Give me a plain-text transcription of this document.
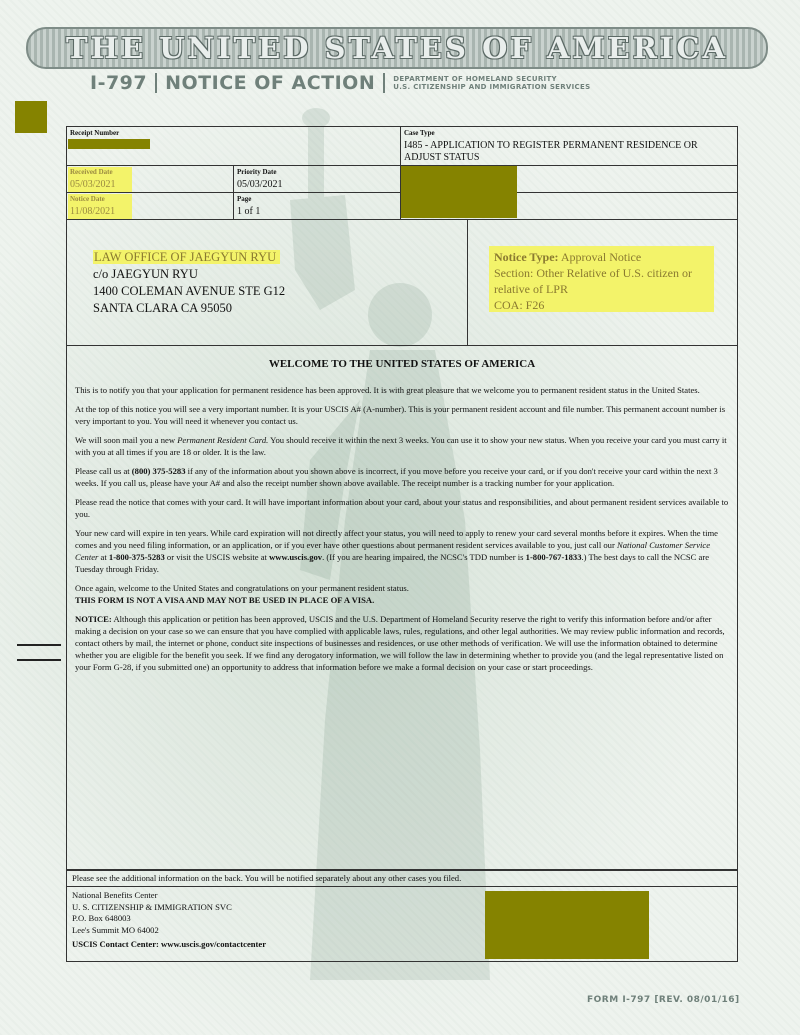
THE UNITED STATES OF AMERICA
I-797 NOTICE OF ACTION	DEPARTMENT OF HOMELAND SECURITY
U.S. CITIZENSHIP AND IMMIGRATION SERVICES
Receipt Number	Case Type
I485 - APPLICATION TO REGISTER PERMANENT RESIDENCE OR ADJUST STATUS
Received Date
05/03/2021
Priority Date
05/03/2021
Notice Date
11/08/2021
Page
1 of 1
LAW OFFICE OF JAEGYUN RYU
c/o JAEGYUN RYU
1400 COLEMAN AVENUE STE G12
SANTA CLARA CA 95050
Notice Type: Approval Notice
Section: Other Relative of U.S. citizen or relative of LPR
COA: F26
WELCOME TO THE UNITED STATES OF AMERICA

This is to notify you that your application for permanent residence has been approved. It is with great pleasure that we welcome you to permanent resident status in the United States.

At the top of this notice you will see a very important number. It is your USCIS A# (A-number). This is your permanent resident account and file number. This permanent account number is very important to you. You will need it whenever you contact us.

We will soon mail you a new Permanent Resident Card. You should receive it within the next 3 weeks. You can use it to show your new status. When you receive your card you must carry it with you at all times if you are 18 or older. It is the law.

Please call us at (800) 375-5283 if any of the information about you shown above is incorrect, if you move before you receive your card, or if you don't receive your card within the next 3 weeks. If you call us, please have your A# and also the receipt number shown above available. The receipt number is a tracking number for your application.

Please read the notice that comes with your card. It will have important information about your card, about your status and responsibilities, and about permanent resident services available to you.

Your new card will expire in ten years. While card expiration will not directly affect your status, you will need to apply to renew your card several months before it expires. When the time comes and you need filing information, or an application, or if you ever have other questions about permanent resident services available to you, just call our National Customer Service Center at 1-800-375-5283 or visit the USCIS website at www.uscis.gov. (If you are hearing impaired, the NCSC's TDD number is 1-800-767-1833.) The best days to call the NCSC are Tuesday through Friday.

Once again, welcome to the United States and congratulations on your permanent resident status.
THIS FORM IS NOT A VISA AND MAY NOT BE USED IN PLACE OF A VISA.

NOTICE: Although this application or petition has been approved, USCIS and the U.S. Department of Homeland Security reserve the right to verify this information before and/or after making a decision on your case so we can ensure that you have complied with applicable laws, rules, regulations, and other legal authorities. We may review public information and records, contact others by mail, the internet or phone, conduct site inspections of businesses and residences, or use other methods of verification. We will use the information obtained to determine whether you are eligible for the benefit you seek. If we find any derogatory information, we will follow the law in determining whether to provide you (and the legal representative listed on your Form G-28, if you submitted one) an opportunity to address that information before we make a formal decision on your case or start proceedings.

Please see the additional information on the back. You will be notified separately about any other cases you filed.
National Benefits Center
U. S. CITIZENSHIP & IMMIGRATION SVC
P.O. Box 648003
Lee's Summit MO 64002
USCIS Contact Center: www.uscis.gov/contactcenter
FORM I-797 [REV. 08/01/16]
